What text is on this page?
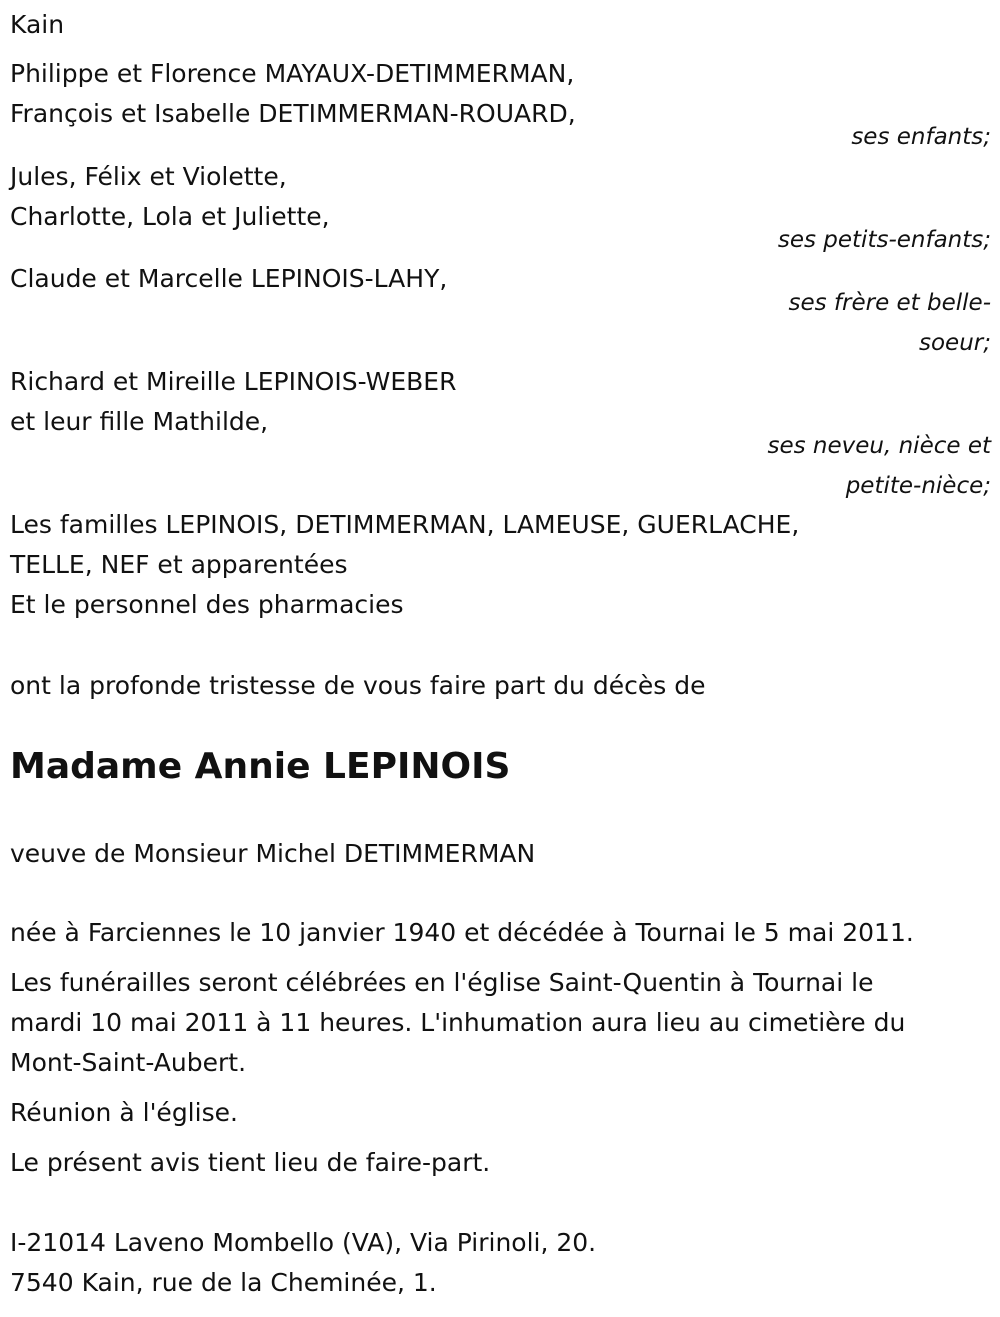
Kain
Philippe et Florence MAYAUX-DETIMMERMAN,
François et Isabelle DETIMMERMAN-ROUARD,
ses enfants;
Jules, Félix et Violette,
Charlotte, Lola et Juliette,
ses petits-enfants;
Claude et Marcelle LEPINOIS-LAHY,
ses frère et belle-
soeur;
Richard et Mireille LEPINOIS-WEBER
et leur fille Mathilde,
ses neveu, nièce et
petite-nièce;
Les familles LEPINOIS, DETIMMERMAN, LAMEUSE, GUERLACHE,
TELLE, NEF et apparentées
Et le personnel des pharmacies
ont la profonde tristesse de vous faire part du décès de
Madame Annie LEPINOIS
veuve de Monsieur Michel DETIMMERMAN
née à Farciennes le 10 janvier 1940 et décédée à Tournai le 5 mai 2011.
Les funérailles seront célébrées en l'église Saint-Quentin à Tournai le
mardi 10 mai 2011 à 11 heures. L'inhumation aura lieu au cimetière du
Mont-Saint-Aubert.
Réunion à l'église.
Le présent avis tient lieu de faire-part.
I-21014 Laveno Mombello (VA), Via Pirinoli, 20.
7540 Kain, rue de la Cheminée, 1.
